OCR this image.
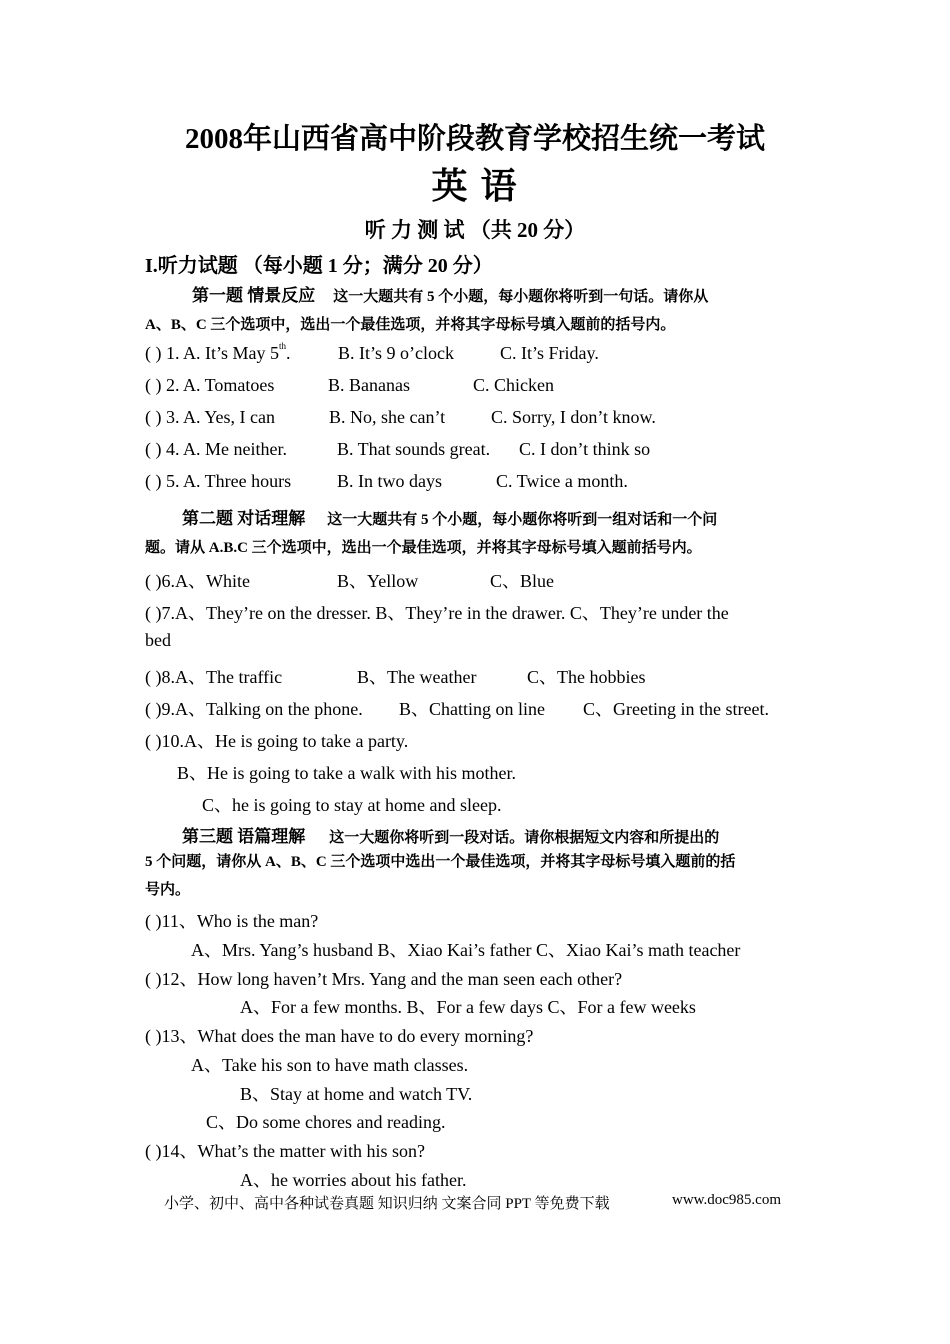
2008年山西省高中阶段教育学校招生统一考试
英 语
听 力 测 试 （共 20 分）
I.听力试题 （每小题 1 分；满分 20 分）
第一题 情景反应 这一大题共有 5 个小题，每小题你将听到一句话。请你从
A、B、C 三个选项中，选出一个最佳选项，并将其字母标号填入题前的括号内。
( ) 1. A. It’s May 5th.	B. It’s 9 o’clock	C. It’s Friday.
( ) 2. A. Tomatoes	B. Bananas	C. Chicken
( ) 3. A. Yes, I can	B. No, she can’t	C. Sorry, I don’t know.
( ) 4. A. Me neither.	B. That sounds great. C. I don’t think so
( ) 5. A. Three hours	B. In two days	C. Twice a month.
第二题 对话理解 这一大题共有 5 个小题，每小题你将听到一组对话和一个问
题。请从 A.B.C 三个选项中，选出一个最佳选项，并将其字母标号填入题前括号内。
( )6.A、White	B、Yellow	C、Blue
( )7.A、They’re on the dresser. B、They’re in the drawer. C、They’re under the
bed
( )8.A、The traffic	B、The weather	C、The hobbies
( )9.A、Talking on the phone. B、Chatting on line C、Greeting in the street.
( )10.A、He is going to take a party.
B、He is going to take a walk with his mother.
C、he is going to stay at home and sleep.
第三题 语篇理解 这一大题你将听到一段对话。请你根据短文内容和所提出的
5 个问题，请你从 A、B、C 三个选项中选出一个最佳选项，并将其字母标号填入题前的括
号内。
( )11、Who is the man?
A、Mrs. Yang’s husband B、Xiao Kai’s father C、Xiao Kai’s math teacher
( )12、How long haven’t Mrs. Yang and the man seen each other?
A、For a few months. B、For a few days C、For a few weeks
( )13、What does the man have to do every morning?
A、Take his son to have math classes.
B、Stay at home and watch TV.
C、Do some chores and reading.
( )14、What’s the matter with his son?
A、he worries about his father.
小学、初中、高中各种试卷真题 知识归纳 文案合同 PPT 等免费下载	www.doc985.com
